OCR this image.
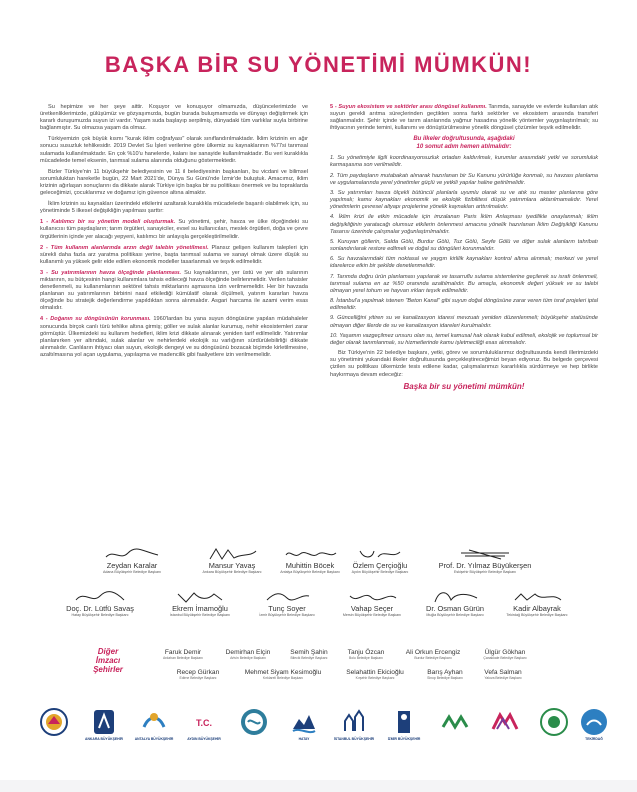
BAŞKA BİR SU YÖNETİMİ MÜMKÜN!

Su hepimize ve her şeye aittir. Koşuyor ve konuşuyor olmamızda, düşüncelerimizde ve üretkenliklerimizde, gülüşümüz ve gözyaşımızda, bugün burada buluşmamızda ve dünyayı değiştirmek için kararlı duruşumuzda suyun izi vardır. Yaşam suda başlayıp serpilmiş, dünyadaki tüm varlıklar suyla birbirine bağlanmıştır. Su olmazsa yaşam da olmaz.

Türkiyemizin çok büyük kısmı "kurak iklim coğrafyası" olarak sınıflandırılmaktadır. İklim krizinin en ağır sonucu susuzluk tehlikesidir. 2019 Devlet Su İşleri verilerine göre ülkemiz su kaynaklarının %77si tarımsal sulamada kullanılmaktadır. En çok %10'u hanelerde, kalanı ise sanayide kullanılmaktadır. Bu veri kuraklıkla mücadelede temel eksenin, tarımsal sulama alanında olduğunu göstermektedir.

Bizler Türkiye'nin 11 büyükşehir belediyesinin ve 11 il belediyesinin başkanları, bu vicdani ve bilimsel sorumluluktan hareketle bugün, 22 Mart 2021'de, Dünya Su Günü'nde İzmir'de buluştuk. Amacımız, iklim krizinin ağırlaşan sonuçlarını da dikkate alarak Türkiye için başka bir su politikası önermek ve bu topraklarda geleceğimizi, çocuklarımız ve doğamız için güvence altına almaktır.

İklim krizinin su kaynakları üzerindeki etkilerini azaltarak kuraklıkla mücadelede başarılı olabilmek için, su yönetiminde 5 ilkesel değişikliğin yapılması şarttır:

1 - Katılımcı bir su yönetim modeli oluşturmak. Su yönetimi, şehir, havza ve ülke ölçeğindeki su kullanıcısı tüm paydaşların; tarım örgütleri, sanayiciler, evsel su kullanıcıları, meslek örgütleri, doğa ve çevre örgütlerinin içinde yer alacağı yepyeni, katılımcı bir anlayışla gerçekleştirilmelidir.

2 - Tüm kullanım alanlarında arzın değil talebin yönetilmesi. Plansız gelişen kullanım talepleri için sürekli daha fazla arz yaratma politikası yerine, başta tarımsal sulama ve sanayi olmak üzere düşük su kullanımlı ya yüksek gelir elde edilen ekonomik modeller tasarlanmalı ve teşvik edilmelidir.

3 - Su yatırımlarının havza ölçeğinde planlanması. Su kaynaklarının, yer üstü ve yer altı sularının miktarının, su bütçesinin hangi kullanımlara tahsis edileceği havza ölçeğinde belirlenmelidir. Verilen tahsisler denetlenmeli, su kullanımlarının sektörel tahsis miktarlarını aşmasına izin verilmemelidir. Her bir havzada planlanan su yatırımlarının birbirini nasıl etkilediği kümülatif olarak ölçülmeli, yatırım kararları havza ölçeğinde bu stratejik değerlendirme yapıldıktan sonra alınmalıdır. Asgari harcama ile azami verim esas olmalıdır.

4 - Doğanın su döngüsünün korunması. 1960'lardan bu yana suyun döngüsüne yapılan müdahaleler sonucunda birçok canlı türü tehlike altına girmiş; göller ve sulak alanlar kurumuş, nehir ekosistemleri zarar görmüştür. Ülkemizdeki su kullanım hedefleri, iklim krizi dikkate alınarak yeniden tarif edilmelidir. Yatırımlar planlanırken yer altındaki, sulak alanlar ve nehirlerdeki ekolojik su varlığının sürdürülebilirliği dikkate alınmalıdır. Canlıların ihtiyacı olan suyun, ekolojik dengeyi ve su döngüsünü bozacak biçimde kirletilmesine, azaltılmasına yol açan uygulama, yapılaşma ve madencilik gibi faaliyetlere izin verilmemelidir.

5 - Suyun ekosistem ve sektörler arası döngüsel kullanımı. Tarımda, sanayide ve evlerde kullanılan atık suyun gerekli arıtma süreçlerinden geçtikten sonra farklı sektörler ve ekosistem arasında transferi sağlanmalıdır. Şehir içinde ve tarım alanlarında yağmur hasadına yönelik yöntemler yaygınlaştırılmalı; su ihtiyacının yerinde temini, kullanımı ve dönüştürülmesine yönelik döngüsel çözümler teşvik edilmelidir.

Bu ilkeler doğrultusunda, aşağıdaki
10 somut adım hemen atılmalıdır:
1. Su yönetimiyle ilgili koordinasyonsuzluk ortadan kaldırılmalı, kurumlar arasındaki yetki ve sorumluluk karmaşasına son verilmelidir.
2. Tüm paydaşların mutabakatı alınarak hazırlanan bir Su Kanunu yürürlüğe konmalı, su havzası planlama ve uygulamalarında yerel yönetimler güçlü ve yetkili yapılar haline getirilmelidir.
3. Su yatırımları havza ölçekli bütüncül planlarla uyumlu olarak su ve atık su master planlarına göre yapılmalı; kamu kaynakları ekonomik ve ekolojik fizibilitesi düşük yatırımlara aktarılmamalıdır. Yerel yönetimlerin çevresel altyapı projelerine yönelik kaynakları arttırılmalıdır.
4. İklim krizi ile etkin mücadele için imzalanan Paris İklim Anlaşması iyedilikle onaylanmalı; iklim değişikliğinin yaratacağı olumsuz etkilerin önlenmesi amacına yönelik hazırlanan İklim Değişikliği Kanunu Tasarısı üzerinde çalışmalar yoğunlaştırılmalıdır.
5. Kuruyan göllerin, Salda Gölü, Burdur Gölü, Tuz Gölü, Seyfe Gölü ve diğer sulak alanların tahribatı sonlandırılarak restore edilmeli ve doğal su döngüleri korunmalıdır.
6. Su havzalarındaki tüm noktasal ve yaygın kirlilik kaynakları kontrol altına alınmalı; merkezi ve yerel idarelerce etkin bir şekilde denetlenmelidir.
7. Tarımda doğru ürün planlaması yapılarak ve tasarruflu sulama sistemlerine geçilerek su israfı önlenmeli, tarımsal sulama en az %50 oranında azaltılmalıdır. Bu amaçla, ekonomik değeri yüksek ve su talebi olmayan yerel tohum ve hayvan ırkları teşvik edilmelidir.
8. İstanbul'a yapılmak istenen "Beton Kanal" gibi suyun doğal döngüsüne zarar veren tüm israf projeleri iptal edilmelidir.
9. Güncelliğini yitiren su ve kanalizasyon idaresi mevzuatı yeniden düzenlenmeli; büyükşehir statüsünde olmayan diğer illerde de su ve kanalizasyon idareleri kurulmalıdır.
10. Yaşamın vazgeçilmez unsuru olan su, temel kamusal hak olarak kabul edilmeli, ekolojik ve toplumsal bir değer olarak tanımlanmalı, su hizmetlerinde kamu işletmeciliği esas alınmalıdır.

Biz Türkiye'nin 22 belediye başkanı, yetki, görev ve sorumluluklarımız doğrultusunda kendi illerimizdeki su yönetimini yukarıdaki ilkeler doğrultusunda gerçekleştireceğimizi beyan ediyoruz. Bu belgede çerçevesi çizilen su politikası ülkemizde tesis edilene kadar, çalışmalarımızı kararlılıkla sürdürmeye ve hep birlikte haykırmaya devam edeceğiz:

Başka bir su yönetimi mümkün!
Zeydan Karalar
Adana Büyükşehir Belediye Başkanı
Mansur Yavaş
Ankara Büyükşehir Belediye Başkanı
Muhittin Böcek
Antalya Büyükşehir Belediye Başkanı
Özlem Çerçioğlu
Aydın Büyükşehir Belediye Başkanı
Prof. Dr. Yılmaz Büyükerşen
Eskişehir Büyükşehir Belediye Başkanı
Doç. Dr. Lütfü Savaş
Hatay Büyükşehir Belediye Başkanı
Ekrem İmamoğlu
İstanbul Büyükşehir Belediye Başkanı
Tunç Soyer
İzmir Büyükşehir Belediye Başkanı
Vahap Seçer
Mersin Büyükşehir Belediye Başkanı
Dr. Osman Gürün
Muğla Büyükşehir Belediye Başkanı
Kadir Albayrak
Tekirdağ Büyükşehir Belediye Başkanı
Diğer
İmzacı
Şehirler
Faruk Demir
Ardahan Belediye Başkanı
Demirhan Elçin
Artvin Belediye Başkanı
Semih Şahin
Bilecik Belediye Başkanı
Tanju Özcan
Bolu Belediye Başkanı
Ali Orkun Ercengiz
Burdur Belediye Başkanı
Ülgür Gökhan
Çanakkale Belediye Başkanı
Recep Gürkan
Edirne Belediye Başkanı
Mehmet Siyam Kesimoğlu
Kırklareli Belediye Başkanı
Selahattin Ekicioğlu
Kırşehir Belediye Başkanı
Barış Ayhan
Sinop Belediye Başkanı
Vefa Salman
Yalova Belediye Başkanı
ANKARA BÜYÜKŞEHİR	ANTALYA BÜYÜKŞEHİR
T.C.
AYDIN BÜYÜKŞEHİR	HATAY	İSTANBUL BÜYÜKŞEHİR	İZMİR BÜYÜKŞEHİR	TEKİRDAĞ
